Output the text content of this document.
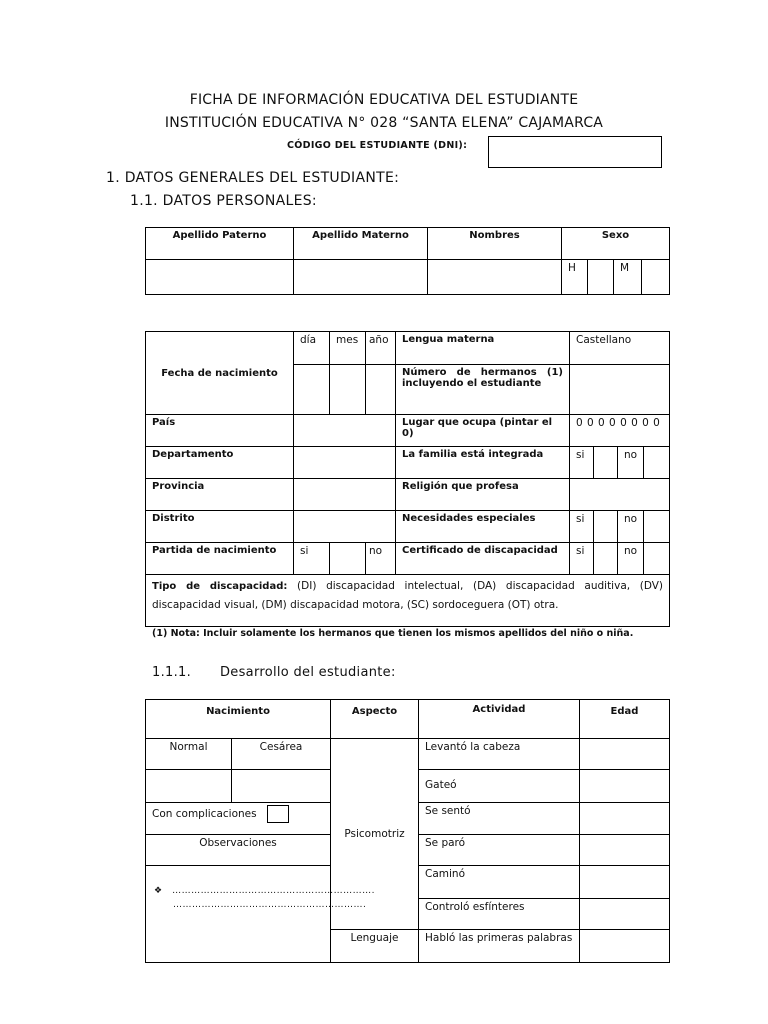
FICHA DE INFORMACIÓN EDUCATIVA DEL ESTUDIANTE
INSTITUCIÓN EDUCATIVA N° 028 “SANTA ELENA” CAJAMARCA
CÓDIGO DEL ESTUDIANTE (DNI):
1. DATOS GENERALES DEL ESTUDIANTE:
1.1. DATOS PERSONALES:
Apellido Paterno	Apellido Materno	Nombres	Sexo			
			H		M	
Fecha de nacimiento	día	mes	año	Lengua materna	Castellano			
				Número de hermanos (1) incluyendo el estudiante				
País				Lugar que ocupa (pintar el 0)	0 0 0 0 0 0 0 0			
Departamento				La familia está integrada	si		no	
Provincia				Religión que profesa				
Distrito				Necesidades especiales	si		no	
Partida de nacimiento	si		no	Certificado de discapacidad	si		no	
Tipo de discapacidad: (DI) discapacidad intelectual, (DA) discapacidad auditiva, (DV) discapacidad visual, (DM) discapacidad motora, (SC) sordoceguera (OT) otra.								
(1) Nota: Incluir solamente los hermanos que tienen los mismos apellidos del niño o niña.
1.1.1. Desarrollo del estudiante:
Nacimiento		Aspecto	Actividad	Edad
Normal	Cesárea	Psicomotriz	Levantó la cabeza	
			Gateó	
Con complicaciones			Se sentó	
Observaciones			Se paró	

❖ ……………………………………………………….
…………………………………………………….			Caminó	
			Controló esfínteres	
		Lenguaje	Habló las primeras palabras	
